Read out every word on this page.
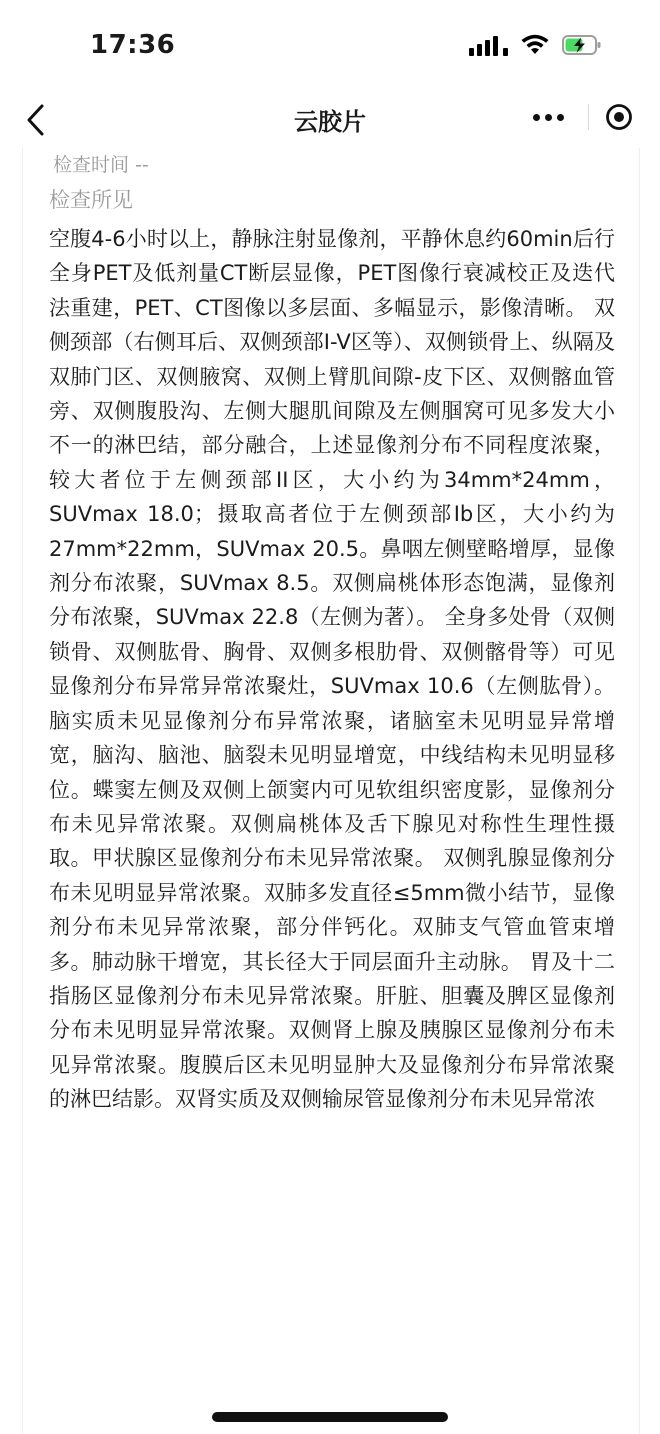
17:36
云胶片
检查时间 --
检查所见

空腹4-6小时以上，静脉注射显像剂，平静休息约60min后行全身PET及低剂量CT断层显像，PET图像行衰减校正及迭代法重建，PET、CT图像以多层面、多幅显示，影像清晰。 双侧颈部（右侧耳后、双侧颈部I-V区等）、双侧锁骨上、纵隔及双肺门区、双侧腋窝、双侧上臂肌间隙-皮下区、双侧髂血管旁、双侧腹股沟、左侧大腿肌间隙及左侧腘窝可见多发大小不一的淋巴结，部分融合，上述显像剂分布不同程度浓聚，较大者位于左侧颈部II区，大小约为34mm*24mm，SUVmax 18.0；摄取高者位于左侧颈部Ib区，大小约为27mm*22mm，SUVmax 20.5。鼻咽左侧壁略增厚，显像剂分布浓聚，SUVmax 8.5。双侧扁桃体形态饱满，显像剂分布浓聚，SUVmax 22.8（左侧为著）。 全身多处骨（双侧锁骨、双侧肱骨、胸骨、双侧多根肋骨、双侧髂骨等）可见显像剂分布异常异常浓聚灶，SUVmax 10.6（左侧肱骨）。 脑实质未见显像剂分布异常浓聚，诸脑室未见明显异常增宽，脑沟、脑池、脑裂未见明显增宽，中线结构未见明显移位。蝶窦左侧及双侧上颌窦内可见软组织密度影，显像剂分布未见异常浓聚。双侧扁桃体及舌下腺见对称性生理性摄取。甲状腺区显像剂分布未见异常浓聚。 双侧乳腺显像剂分布未见明显异常浓聚。双肺多发直径≤5mm微小结节，显像剂分布未见异常浓聚，部分伴钙化。双肺支气管血管束增多。肺动脉干增宽，其长径大于同层面升主动脉。 胃及十二指肠区显像剂分布未见异常浓聚。肝脏、胆囊及脾区显像剂分布未见明显异常浓聚。双侧肾上腺及胰腺区显像剂分布未见异常浓聚。腹膜后区未见明显肿大及显像剂分布异常浓聚的淋巴结影。双肾实质及双侧输尿管显像剂分布未见异常浓
